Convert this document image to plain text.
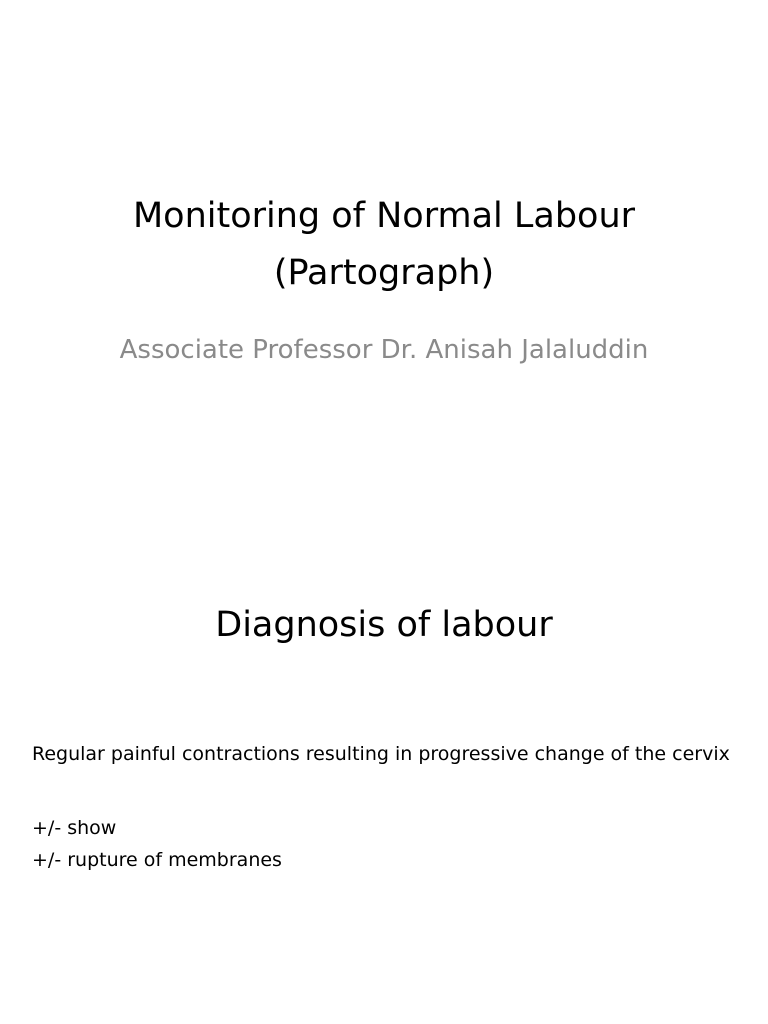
Monitoring of Normal Labour
(Partograph)

Associate Professor Dr. Anisah Jalaluddin

Diagnosis of labour
Regular painful contractions resulting in progressive change of the cervix
+/- show
+/- rupture of membranes
